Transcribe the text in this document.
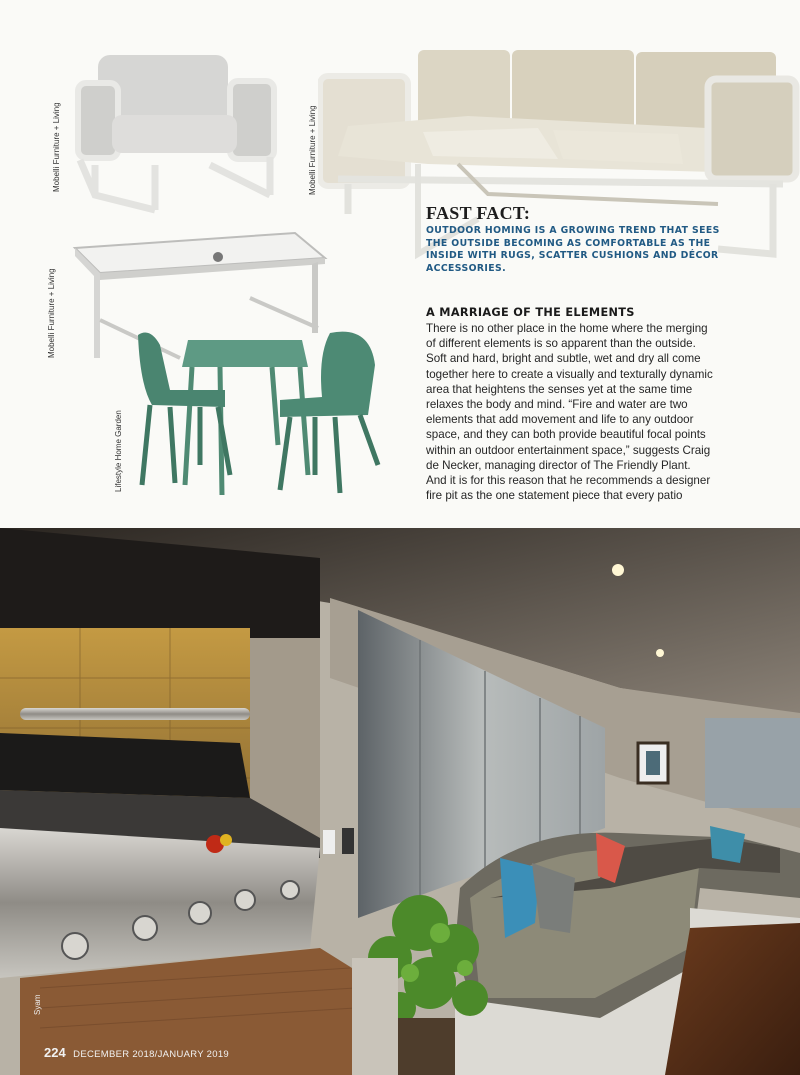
Mobelli Furniture + Living	Mobelli Furniture + Living
Mobelli Furniture + Living
Lifestyle Home Garden
FAST FACT:
OUTDOOR HOMING IS A GROWING TREND THAT SEES
THE OUTSIDE BECOMING AS COMFORTABLE AS THE
INSIDE WITH RUGS, SCATTER CUSHIONS AND DÉCOR
ACCESSORIES.
A MARRIAGE OF THE ELEMENTS
There is no other place in the home where the merging
of different elements is so apparent than the outside.
Soft and hard, bright and subtle, wet and dry all come
together here to create a visually and texturally dynamic
area that heightens the senses yet at the same time
relaxes the body and mind. “Fire and water are two
elements that add movement and life to any outdoor
space, and they can both provide beautiful focal points
within an outdoor entertainment space,” suggests Craig
de Necker, managing director of The Friendly Plant.
And it is for this reason that he recommends a designer
fire pit as the one statement piece that every patio
Syam
224 DECEMBER 2018/JANUARY 2019
